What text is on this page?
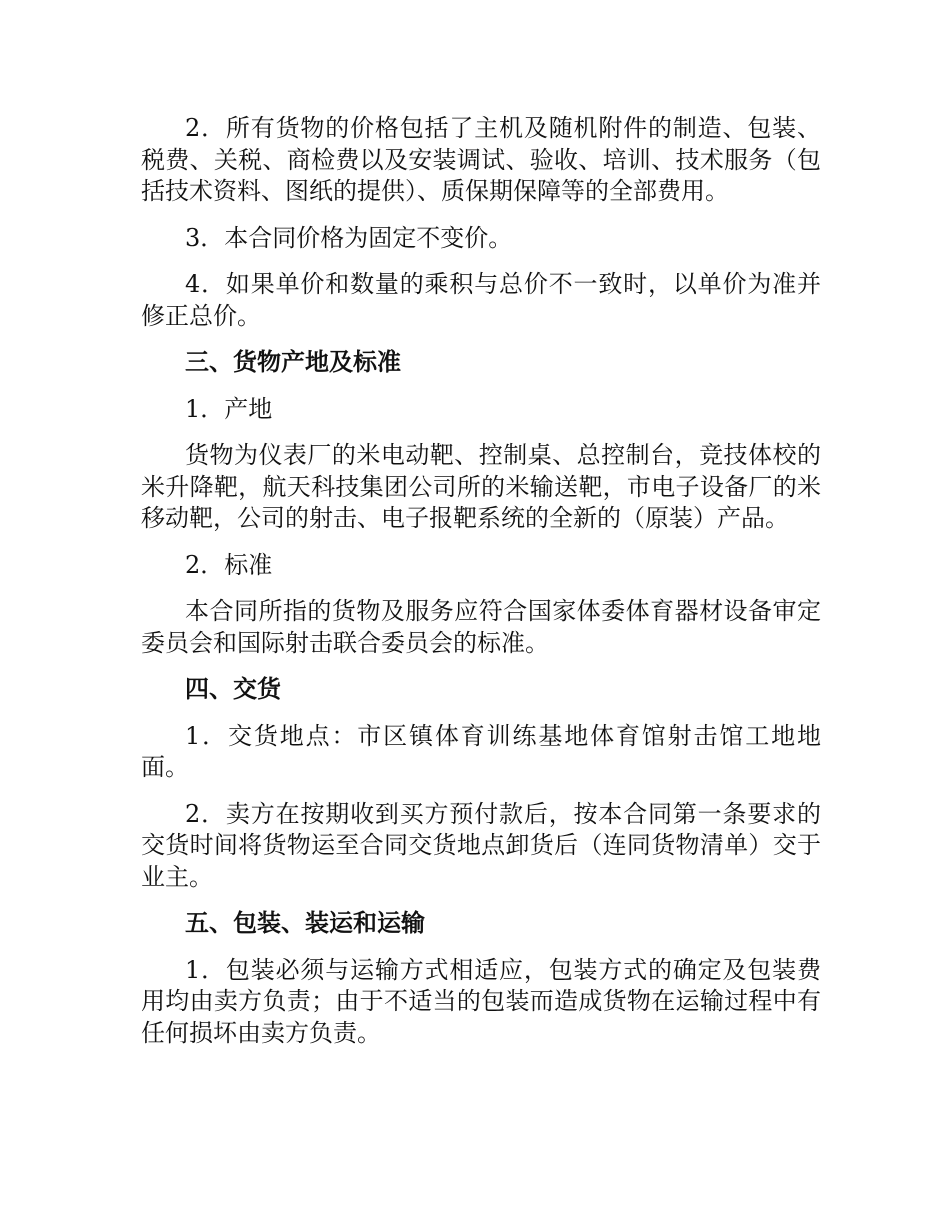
2．所有货物的价格包括了主机及随机附件的制造、包装、税费、关税、商检费以及安装调试、验收、培训、技术服务（包括技术资料、图纸的提供）、质保期保障等的全部费用。

3．本合同价格为固定不变价。

4．如果单价和数量的乘积与总价不一致时，以单价为准并修正总价。

三、货物产地及标准

1．产地

货物为仪表厂的米电动靶、控制桌、总控制台，竞技体校的米升降靶，航天科技集团公司所的米输送靶，市电子设备厂的米移动靶，公司的射击、电子报靶系统的全新的（原装）产品。

2．标准

本合同所指的货物及服务应符合国家体委体育器材设备审定委员会和国际射击联合委员会的标准。

四、交货

1．交货地点：市区镇体育训练基地体育馆射击馆工地地面。

2．卖方在按期收到买方预付款后，按本合同第一条要求的交货时间将货物运至合同交货地点卸货后（连同货物清单）交于业主。

五、包装、装运和运输

1．包装必须与运输方式相适应，包装方式的确定及包装费用均由卖方负责；由于不适当的包装而造成货物在运输过程中有任何损坏由卖方负责。
